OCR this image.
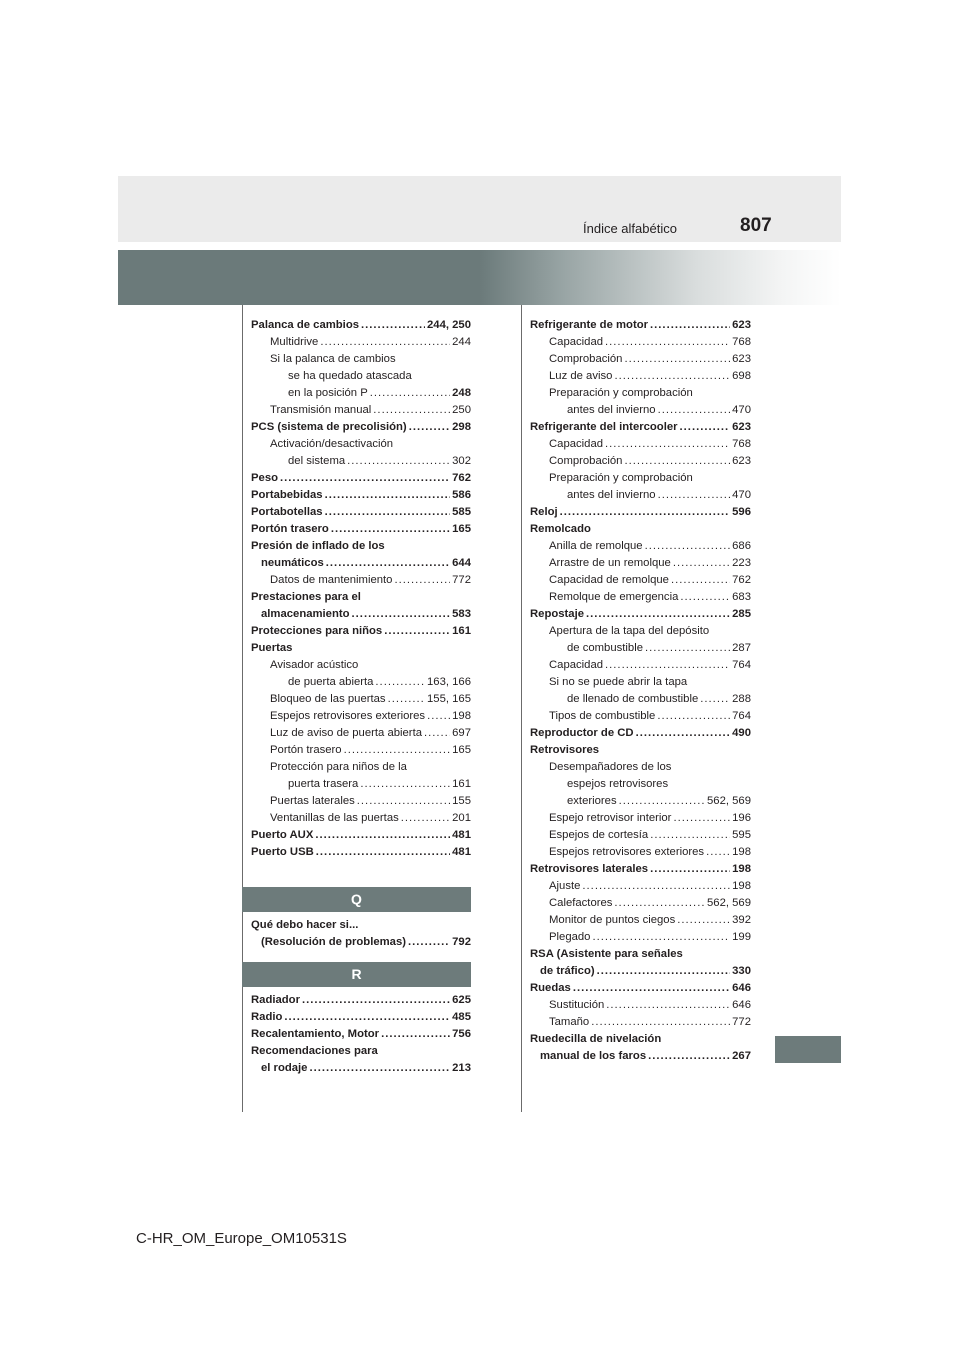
Índice alfabético	807
Palanca de cambios .....	244, 250
Multidrive .....	244
Si la palanca de cambios
se ha quedado atascada
en la posición P .....	248
Transmisión manual .....	250
PCS (sistema de precolisión) .....	298
Activación/desactivación
del sistema .....	302
Peso .....	762
Portabebidas .....	586
Portabotellas .....	585
Portón trasero .....	165
Presión de inflado de los
neumáticos .....	644
Datos de mantenimiento .....	772
Prestaciones para el
almacenamiento .....	583
Protecciones para niños .....	161
Puertas
Avisador acústico
de puerta abierta .....	163, 166
Bloqueo de las puertas .....	155, 165
Espejos retrovisores exteriores ..... 198
Luz de aviso de puerta abierta .....	697
Portón trasero .....	165
Protección para niños de la
puerta trasera .....	161
Puertas laterales .....	155
Ventanillas de las puertas .....	201
Puerto AUX .....	481
Puerto USB .....	481
Q
Qué debo hacer si...
(Resolución de problemas) .....	792
R
Radiador .....	625
Radio .....	485
Recalentamiento, Motor .....	756
Recomendaciones para
el rodaje .....	213
Refrigerante de motor .....	623
Capacidad .....	768
Comprobación .....	623
Luz de aviso .....	698
Preparación y comprobación
antes del invierno .....	470
Refrigerante del intercooler .....	623
Capacidad .....	768
Comprobación .....	623
Preparación y comprobación
antes del invierno .....	470
Reloj .....	596
Remolcado
Anilla de remolque .....	686
Arrastre de un remolque .....	223
Capacidad de remolque .....	762
Remolque de emergencia .....	683
Repostaje .....	285
Apertura de la tapa del depósito
de combustible .....	287
Capacidad .....	764
Si no se puede abrir la tapa
de llenado de combustible .....	288
Tipos de combustible .....	764
Reproductor de CD .....	490
Retrovisores
Desempañadores de los
espejos retrovisores
exteriores .....	562, 569
Espejo retrovisor interior .....	196
Espejos de cortesía .....	595
Espejos retrovisores exteriores ..... 198
Retrovisores laterales .....	198
Ajuste .....	198
Calefactores .....	562, 569
Monitor de puntos ciegos .....	392
Plegado .....	199
RSA (Asistente para señales
de tráfico) .....	330
Ruedas .....	646
Sustitución .....	646
Tamaño .....	772
Ruedecilla de nivelación
manual de los faros .....	267
C-HR_OM_Europe_OM10531S
